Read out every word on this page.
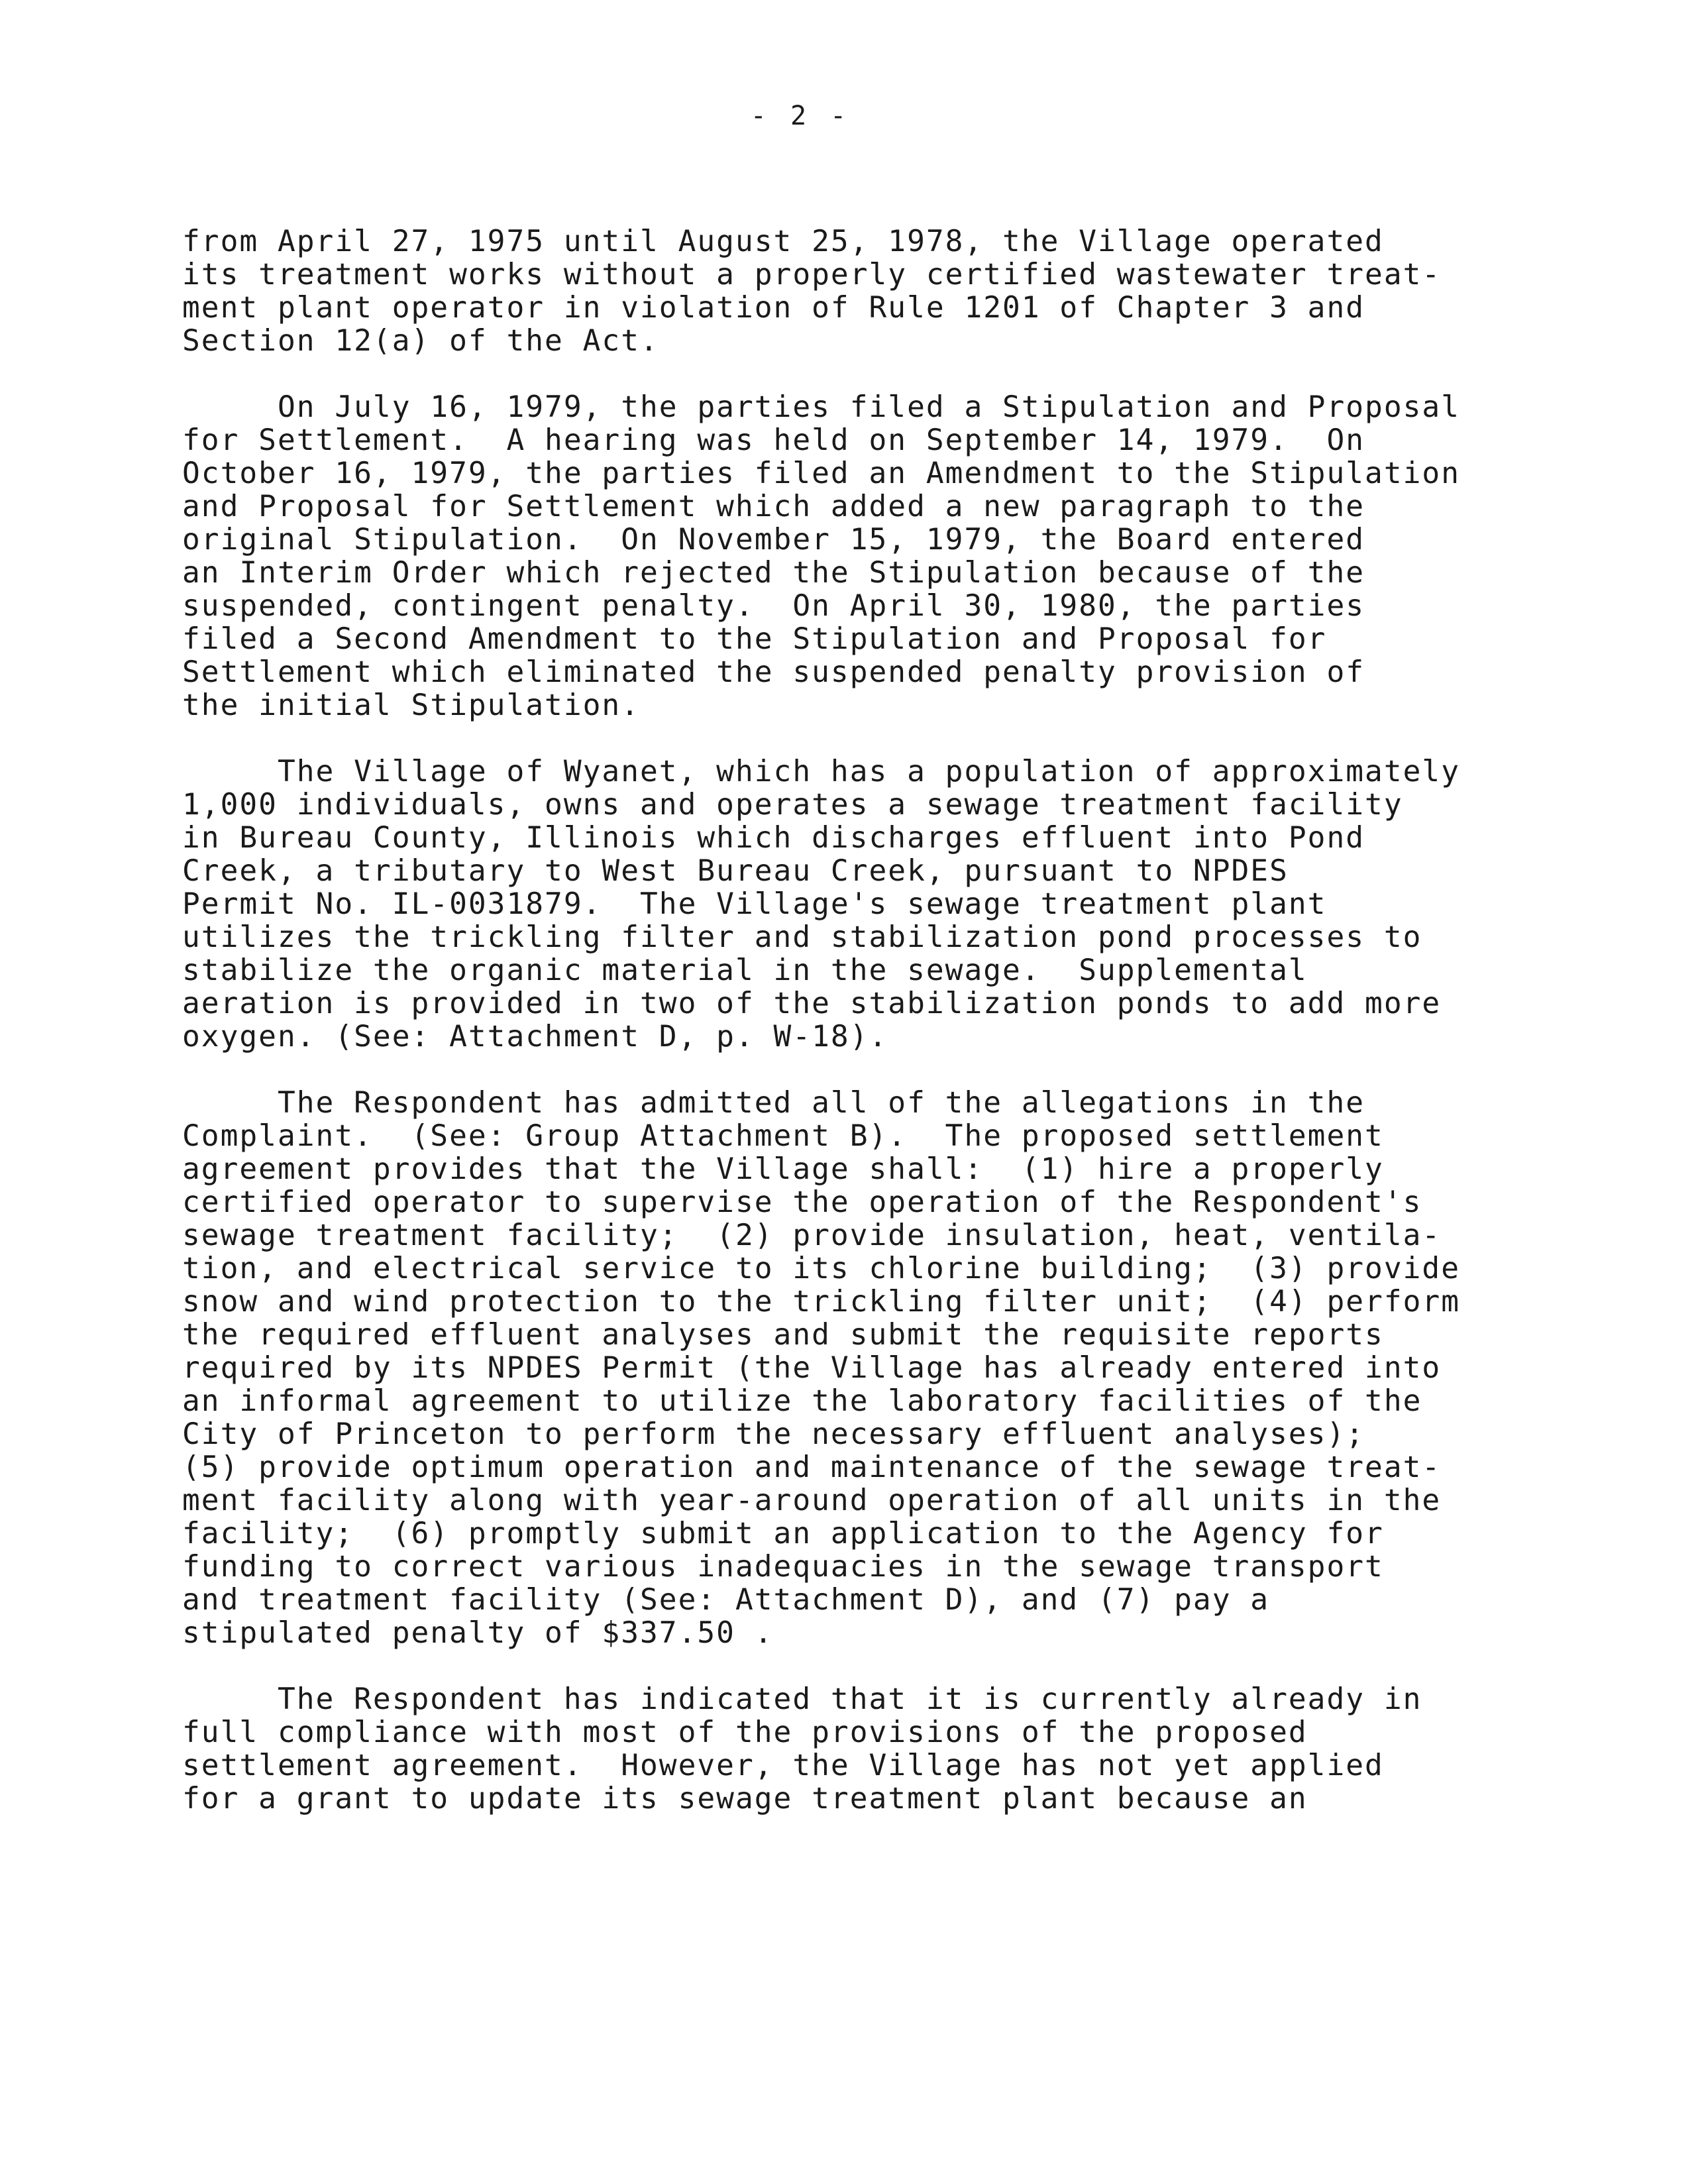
- 2 -
from April 27, 1975 until August 25, 1978, the Village operated
its treatment works without a properly certified wastewater treat-
ment plant operator in violation of Rule 1201 of Chapter 3 and
Section 12(a) of the Act.
On July 16, 1979, the parties filed a Stipulation and Proposal
for Settlement.  A hearing was held on September 14, 1979.  On
October 16, 1979, the parties filed an Amendment to the Stipulation
and Proposal for Settlement which added a new paragraph to the
original Stipulation.  On November 15, 1979, the Board entered
an Interim Order which rejected the Stipulation because of the
suspended, contingent penalty.  On April 30, 1980, the parties
filed a Second Amendment to the Stipulation and Proposal for
Settlement which eliminated the suspended penalty provision of
the initial Stipulation.
The Village of Wyanet, which has a population of approximately
1,000 individuals, owns and operates a sewage treatment facility
in Bureau County, Illinois which discharges effluent into Pond
Creek, a tributary to West Bureau Creek, pursuant to NPDES
Permit No. IL-0031879.  The Village's sewage treatment plant
utilizes the trickling filter and stabilization pond processes to
stabilize the organic material in the sewage.  Supplemental
aeration is provided in two of the stabilization ponds to add more
oxygen. (See: Attachment D, p. W-18).
The Respondent has admitted all of the allegations in the
Complaint.  (See: Group Attachment B).  The proposed settlement
agreement provides that the Village shall:  (1) hire a properly
certified operator to supervise the operation of the Respondent's
sewage treatment facility;  (2) provide insulation, heat, ventila-
tion, and electrical service to its chlorine building;  (3) provide
snow and wind protection to the trickling filter unit;  (4) perform
the required effluent analyses and submit the requisite reports
required by its NPDES Permit (the Village has already entered into
an informal agreement to utilize the laboratory facilities of the
City of Princeton to perform the necessary effluent analyses);
(5) provide optimum operation and maintenance of the sewage treat-
ment facility along with year-around operation of all units in the
facility;  (6) promptly submit an application to the Agency for
funding to correct various inadequacies in the sewage transport
and treatment facility (See: Attachment D), and (7) pay a
stipulated penalty of $337.50 .
The Respondent has indicated that it is currently already in
full compliance with most of the provisions of the proposed
settlement agreement.  However, the Village has not yet applied
for a grant to update its sewage treatment plant because an
